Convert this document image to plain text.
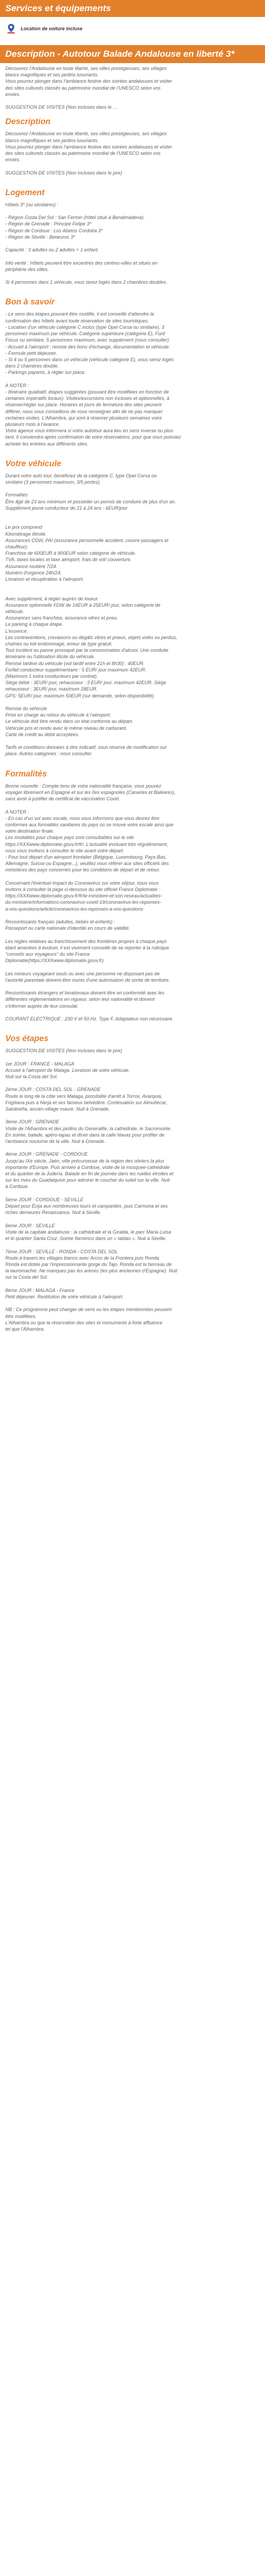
Services et équipements
Location de voiture incluse
Description - Autotour Balade Andalouse en liberté 3*

Découvrez l'Andalousie en toute liberté, ses villes prestigieuses, ses villages

blancs magnifiques et ses jardins luxuriants.

Vous pourrez plonger dans l'ambiance festive des soirées andalouses et visiter

des sites culturels classés au patrimoine mondial de l'UNESCO selon vos

envies.

SUGGESTION DE VISITES (Non incluses dans le ...

Description

Découvrez l'Andalousie en toute liberté, ses villes prestigieuses, ses villages

blancs magnifiques et ses jardins luxuriants.

Vous pourrez plonger dans l'ambiance festive des soirées andalouses et visiter

des sites culturels classés au patrimoine mondial de l'UNESCO selon vos

envies.

SUGGESTION DE VISITES (Non incluses dans le prix)

Logement

Hôtels 3* (ou similaires) :

- Région Costa Del Sol : San Fermin (hôtel situé à Benalmadena).

- Région de Grenade : Principe Felipe 3*

- Région de Cordoue : Los Abetos Cordoba 3*

- Région de Séville : Betanzos 3*

Capacité : 3 adultes ou 2 adultes + 1 enfant.

Info vérité : Hôtels peuvent être excentrés des centres-villes et situés en

périphérie des villes.

Si 4 personnes dans 1 véhicule, vous serez logés dans 2 chambres doubles.

Bon à savoir

- Le sens des étapes pouvant être modifié, il est conseillé d'attendre la

confirmation des hôtels avant toute réservation de sites touristiques.

- Location d'un véhicule catégorie C inclus (type Opel Corsa ou similaire), 3

personnes maximum par véhicule. Catégorie supérieure (catégorie E), Ford

Focus ou similaire, 5 personnes maximum, avec supplément (nous consulter).

- Accueil à l'aéroport : remise des bons d'échange, documentation et véhicule.

- Formule petit déjeuner.

- Si 4 ou 5 personnes dans un véhicule (véhicule catégorie E), vous serez logés

dans 2 chambres double.

- Parkings payants, à régler sur place.

A NOTER :

- Itinéraire qualitatif, étapes suggérées (pouvant être modifiées en fonction de

certaines impératifs locaux). Visites/excursions non incluses et optionnelles, à

réserver/régler sur place. Horaires et jours de fermeture des sites peuvent

différer, nous vous conseillons de vous renseigner afin de ne pas manquer

certaines visites. L'Alhambra, qui sont à réserver plusieurs semaines voire

plusieurs mois à l'avance.

Votre agence vous informera si votre autotour aura lieu en sens inverse ou plus

tard. Il conviendra après confirmation de votre réservations, pour que vous puissiez

acheter les entrées aux différents sites.

Votre véhicule

Durant votre auto tour, bénéficiez de la catégorie C, type Opel Corsa ou

similaire (3 personnes maximum, 3/5 portes).

Formalités

Être âgé de 23 ans minimum et posséder un permis de conduire de plus d'un an.

Supplément jeune conducteur de 21 à 24 ans : 6EUR/jour

Le prix comprend

Kilométrage illimité.

Assurances CDW, PAI (assurance personnelle accident, couvre passagers et

chauffeur).

Franchise de 600EUR à 900EUR selon catégorie de véhicule.

TVA, taxes locales et taxe aéroport, frais de vol/ couverture.

Assurance routière 7/24.

Numéro d'urgence 24h/24.

Livraison et récupération à l'aéroport.

Avec supplément, à régler auprès de loueur

Assurance optionnelle FDW de 16EUR à 25EUR/ jour, selon catégorie de

véhicule.

Assurances sans franchise, assurance vitres et pneu.

Le parking à chaque étape.

L'essence.

Les contraventions, crevaisons ou dégâts vitres et pneus, objets volés ou perdus,

chaînes ou toit endommagé, erreur de type gratuit.

Tout incident ou panne provoqué par la consommation d'alcool. Une conduite

téméraire ou l'utilisation illicite du véhicule.

Remise tardive du véhicule (vol tardif entre 21h et 8h30) : 40EUR.

Forfait conducteur supplémentaire : 5 EUR/ jour maximum 42EUR.

(Maximum 1 extra conducteurs par contrat).

Siège bébé : 3EUR/ jour, rehausseur : 3 EUR/ jour, maximum 42EUR. Siège

rehausseur : 3EUR/ jour, maximum 28EUR.

GPS: 5EUR/ jour, maximum 50EUR (sur demande, selon disponibilité).

Remise du véhicule

Prise en charge au retour du véhicule à l'aéroport.

Le véhicule doit être rendu dans un état conforme au départ.

Véhicule pris et rendu avec le même niveau de carburant.

Carte de crédit au débit acceptées.

Tarifs et conditions données à titre indicatif, sous réserve de modification sur

place. Autres catégories : nous consulter.

Formalités

Bonne nouvelle : Compte tenu de votre nationalité française, vous pouvez

voyager librement en Espagne et sur les îles espagnoles (Canaries et Baléares),

sans avoir à justifier de certificat de vaccination Covid.

A NOTER :

- En cas d'un vol avec escale, nous vous informons que vous devrez être

conformes aux formalités sanitaires du pays où se trouve votre escale ainsi que

votre destination finale.

Les modalités pour chaque pays sont consultables sur le site

https://XXXwww.diplomatie.gouv.fr/fr/. L'actualité évoluant très régulièrement,

nous vous invitons à consulter le site avant votre départ.

- Pour tout départ d'un aéroport frontalier (Belgique, Luxembourg, Pays-Bas,

Allemagne, Suisse ou Espagne...), veuillez vous référer aux sites officiels des

ministères des pays concernés pour les conditions de départ et de retour.

Concernant l'éventuel impact du Coronavirus sur votre séjour, nous vous

invitons à consulter la page ci-dessous du site officiel France Diplomatie :

https://XXXwww.diplomatie.gouv.fr/fr/le-ministere-et-son-reseau/actualites-

du-ministere/informations-coronavirus-covid-19/coronavirus-les-reponses-

a-vos-questions/article/coronavirus-les-reponses-a-vos-questions

Ressortissants français (adultes, bébés et enfants) :

Passeport ou carte nationale d'identité en cours de validité.

Les règles relatives au franchissement des frontières propres à chaque pays

étant amenées à évoluer, il est vivement conseillé de se reporter à la rubrique

"conseils aux voyageurs" du site France

Diplomatie(https://XXXwww.diplomatie.gouv.fr)

Les mineurs voyageant seuls ou avec une personne ne disposant pas de

l'autorité parentale doivent être munis d'une autorisation de sortie de territoire.

Ressortissants étrangers et binationaux doivent être en conformité avec les

différentes réglementations en vigueur, selon leur nationalité et doivent

s'informer auprès de leur consulat.

COURANT ELECTRIQUE : 230 V et 50 Hz. Type F. Adaptateur non nécessaire.

Vos étapes

SUGGESTION DE VISITES (Non incluses dans le prix)

1er JOUR : FRANCE - MALAGA

Accueil à l'aéroport de Malaga. Livraison de votre véhicule.

Nuit sur la Costa del Sol.

2ème JOUR : COSTA DEL SOL - GRENADE

Route le long de la côte vers Malaga, possibilité d'arrêt à Torrox, Avarquia,

Frigiliana puis à Nerja et ses fameux belvédère. Continuation sur Almuñecar,

Salobreña, ancien village maure. Nuit à Grenade.

3ème JOUR : GRENADE

Visite de l'Alhambra et des jardins du Generalife, la cathédrale, le Sacromonte.

En soirée, balade, apéro-tapas et dîner dans la calle Navas pour profiter de

l'ambiance nocturne de la ville. Nuit à Grenade.

4ème JOUR : GRENADE - CORDOUE

Jusqu'au IXe siècle, Jaén, ville précurseuse de la région des oliviers la plus

importante d'Europe. Puis arrivée à Cordoue, visite de la mosquée-cathédrale

et du quartier de la Judería. Balade en fin de journée dans les ruelles étroites et

sur les rives du Guadalquivir pour admirer le coucher du soleil sur la ville. Nuit

à Cordoue.

5ème JOUR : CORDOUE - SEVILLE

Départ pour Écija aux nombreuses tours et campaniles, puis Carmona et ses

riches demeures Renaissance. Nuit à Séville.

6ème JOUR : SEVILLE

Visite de la capitale andalouse : la cathédrale et la Giralda, le parc Maria Luisa

et le quartier Santa Cruz. Soirée flamenco dans un « tablao ». Nuit à Séville.

7ème JOUR : SEVILLE - RONDA - COSTA DEL SOL

Route à travers les villages blancs avec Arcos de la Frontera puis Ronda.

Ronda est dotée par l'impressionnante gorge du Tajo. Ronda est la berceau de

la tauromachie. Ne manquez pas les arènes (les plus anciennes d'Espagne). Nuit

sur la Costa del Sol.

8ème JOUR : MALAGA - France

Petit déjeuner. Restitution de votre véhicule à l'aéroport.

NB : Ce programme peut changer de sens ou les étapes mentionnées peuvent

être modifiées.

L'Alhambra ou que la réservation des sites et monuments à forte affluence

tel que l'Alhambra.
